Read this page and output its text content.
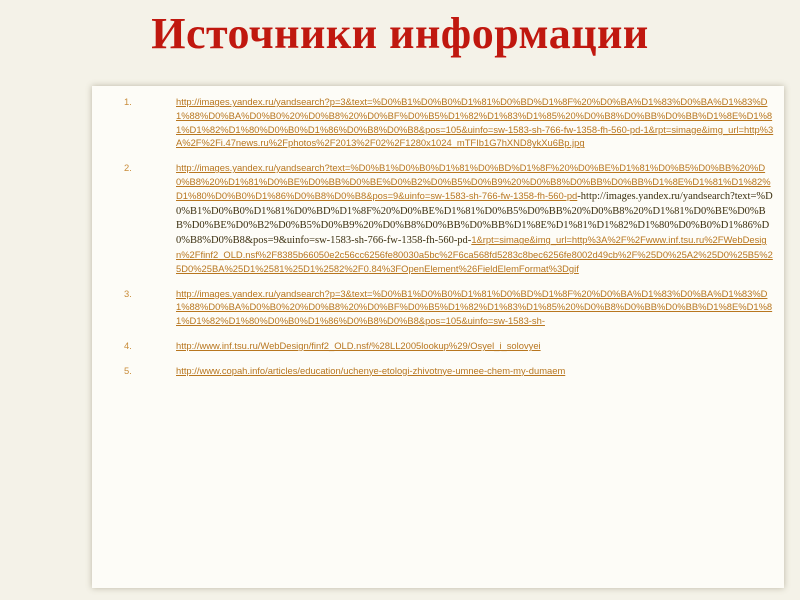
Источники информации
1.	http://images.yandex.ru/yandsearch?p=3&text=%D0%B1%D0%B0%D1%81%D0%BD%D1%8F%20%D0%BA%D1%83%D0%BA%D1%83%D1%88%D0%BA%D0%B0%20%D0%B8%20%D0%BF%D0%B5%D1%82%D1%83%D1%85%20%D0%B8%D0%BB%D0%BB%D1%8E%D1%81%D1%82%D1%80%D0%B0%D1%86%D0%B8%D0%B8&pos=105&uinfo=sw-1583-sh-766-fw-1358-fh-560-pd-1&rpt=simage&img_url=http%3A%2F%2Fi.47news.ru%2Fphotos%2F2013%2F02%2F1280x1024_mTFIb1G7hXND8ykXu6Bp.jpg
2.	http://images.yandex.ru/yandsearch?text=%D0%B1%D0%B0%D1%81%D0%BD%D1%8F%20%D0%BE%D1%81%D0%B5%D0%BB%20%D0%B8%20%D1%81%D0%BE%D0%BB%D0%BE%D0%B2%D0%B5%D0%B9%20%D0%B8%D0%BB%D0%BB%D1%8E%D1%81%D1%82%D1%80%D0%B0%D1%86%D0%B8%D0%B8&pos=9&uinfo=sw-1583-sh-766-fw-1358-fh-560-pd-http://images.yandex.ru/yandsearch?text=%D0%B1%D0%B0%D1%81%D0%BD%D1%8F%20%D0%BE%D1%81%D0%B5%D0%BB%20%D0%B8%20%D1%81%D0%BE%D0%BB%D0%BE%D0%B2%D0%B5%D0%B9%20%D0%B8%D0%BB%D0%BB%D1%8E%D1%81%D1%82%D1%80%D0%B0%D1%86%D0%B8%D0%B8&pos=9&uinfo=sw-1583-sh-766-fw-1358-fh-560-pd-1&rpt=simage&img_url=http%3A%2F%2Fwww.inf.tsu.ru%2FWebDesign%2Ffinf2_OLD.nsf%2F8385b66050e2c56cc6256fe80030a5bc%2F6ca568fd5283c8bec6256fe8002d49cb%2F%25D0%25A2%25D0%25B5%25D0%25BA%25D1%2581%25D1%2582%2F0.84%3FOpenElement%26FieldElemFormat%3Dgif
3.	http://images.yandex.ru/yandsearch?p=3&text=%D0%B1%D0%B0%D1%81%D0%BD%D1%8F%20%D0%BA%D1%83%D0%BA%D1%83%D1%88%D0%BA%D0%B0%20%D0%B8%20%D0%BF%D0%B5%D1%82%D1%83%D1%85%20%D0%B8%D0%BB%D0%BB%D1%8E%D1%81%D1%82%D1%80%D0%B0%D1%86%D0%B8%D0%B8&pos=105&uinfo=sw-1583-sh-
4.	http://www.inf.tsu.ru/WebDesign/finf2_OLD.nsf/%28LL2005lookup%29/Osyel_i_solovyei
5.	http://www.copah.info/articles/education/uchenye-etologi-zhivotnye-umnee-chem-my-dumaem
